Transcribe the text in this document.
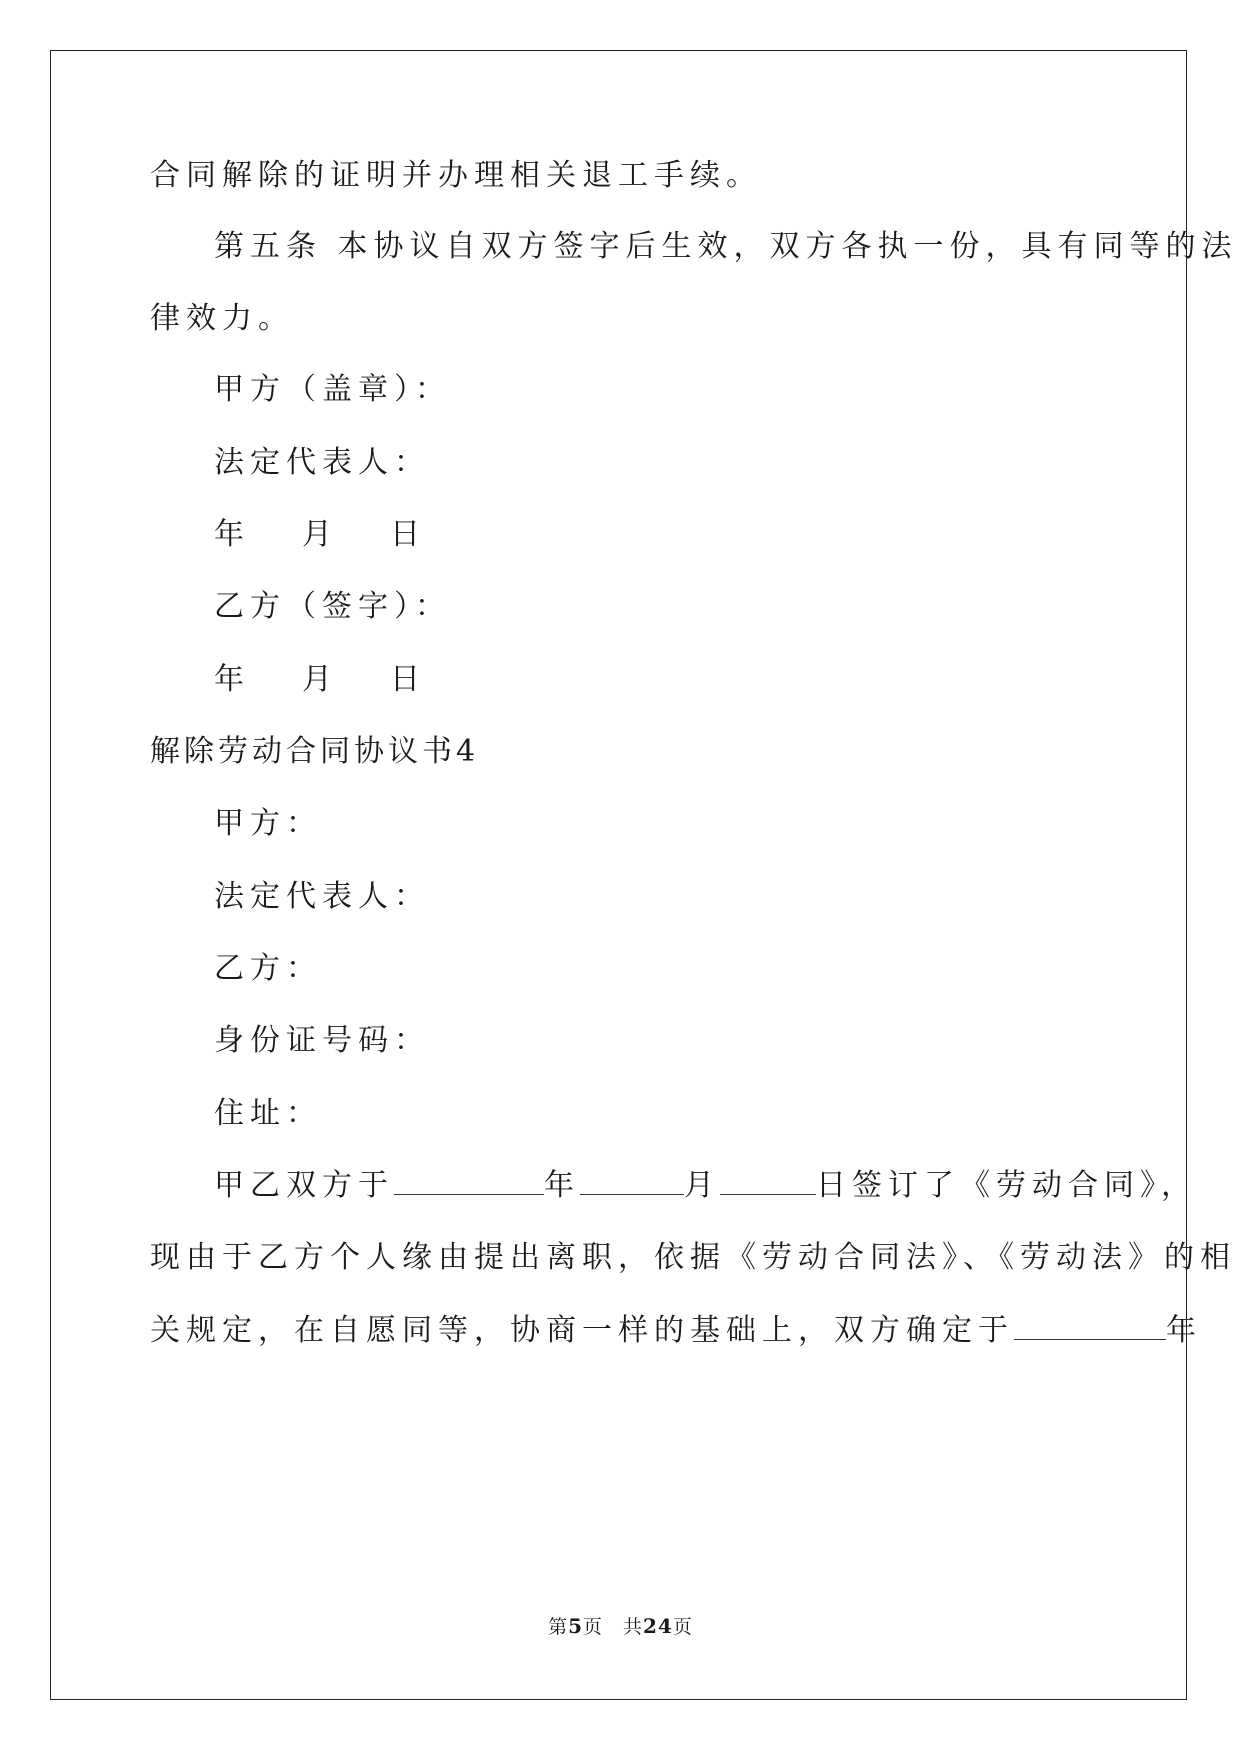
合同解除的证明并办理相关退工手续。
第五条 本协议自双方签字后生效，双方各执一份，具有同等的法
律效力。
甲方（盖章）：
法定代表人：
年　月　日
乙方（签字）：
年　月　日
解除劳动合同协议书4
甲方：
法定代表人：
乙方：
身份证号码：
住址：
甲乙双方于	年	月	日签订了《劳动合同》，
现由于乙方个人缘由提出离职，依据《劳动合同法》、《劳动法》的相
关规定，在自愿同等，协商一样的基础上，双方确定于	年
第5页　共24页
